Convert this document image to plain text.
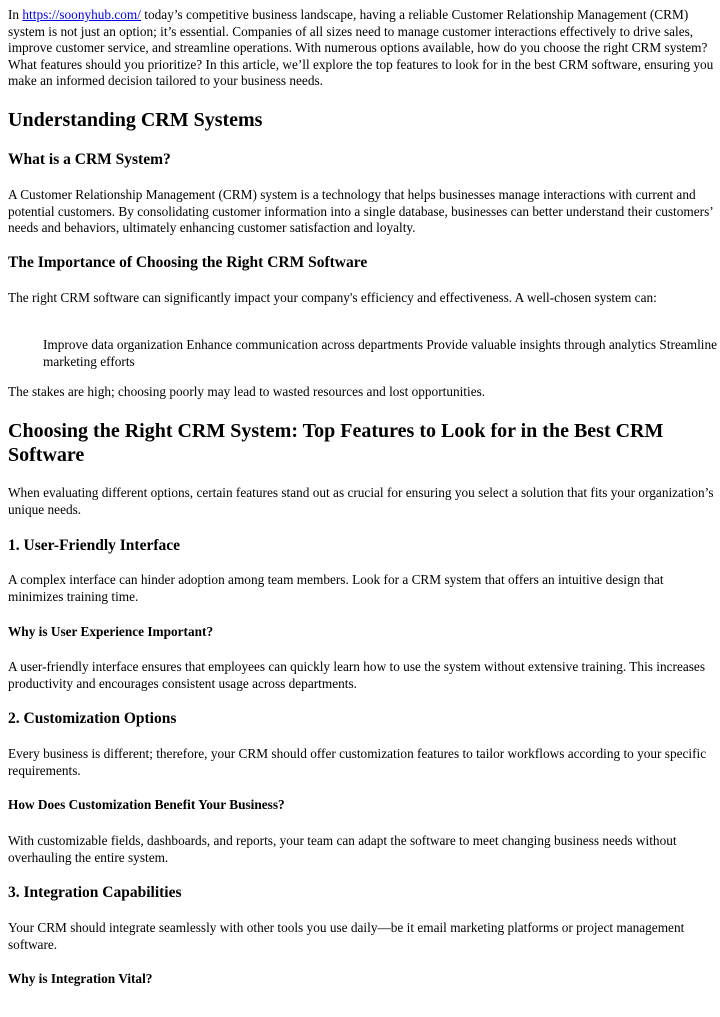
In https://soonyhub.com/ today’s competitive business landscape, having a reliable Customer Relationship Management (CRM) system is not just an option; it’s essential. Companies of all sizes need to manage customer interactions effectively to drive sales, improve customer service, and streamline operations. With numerous options available, how do you choose the right CRM system? What features should you prioritize? In this article, we’ll explore the top features to look for in the best CRM software, ensuring you make an informed decision tailored to your business needs.

Understanding CRM Systems
What is a CRM System?

A Customer Relationship Management (CRM) system is a technology that helps businesses manage interactions with current and potential customers. By consolidating customer information into a single database, businesses can better understand their customers’ needs and behaviors, ultimately enhancing customer satisfaction and loyalty.

The Importance of Choosing the Right CRM Software

The right CRM software can significantly impact your company's efficiency and effectiveness. A well-chosen system can:

Improve data organization Enhance communication across departments Provide valuable insights through analytics Streamline marketing efforts

The stakes are high; choosing poorly may lead to wasted resources and lost opportunities.

Choosing the Right CRM System: Top Features to Look for in the Best CRM Software

When evaluating different options, certain features stand out as crucial for ensuring you select a solution that fits your organization’s unique needs.

1. User-Friendly Interface

A complex interface can hinder adoption among team members. Look for a CRM system that offers an intuitive design that minimizes training time.

Why is User Experience Important?

A user-friendly interface ensures that employees can quickly learn how to use the system without extensive training. This increases productivity and encourages consistent usage across departments.

2. Customization Options

Every business is different; therefore, your CRM should offer customization features to tailor workflows according to your specific requirements.

How Does Customization Benefit Your Business?

With customizable fields, dashboards, and reports, your team can adapt the software to meet changing business needs without overhauling the entire system.

3. Integration Capabilities

Your CRM should integrate seamlessly with other tools you use daily—be it email marketing platforms or project management software.

Why is Integration Vital?
